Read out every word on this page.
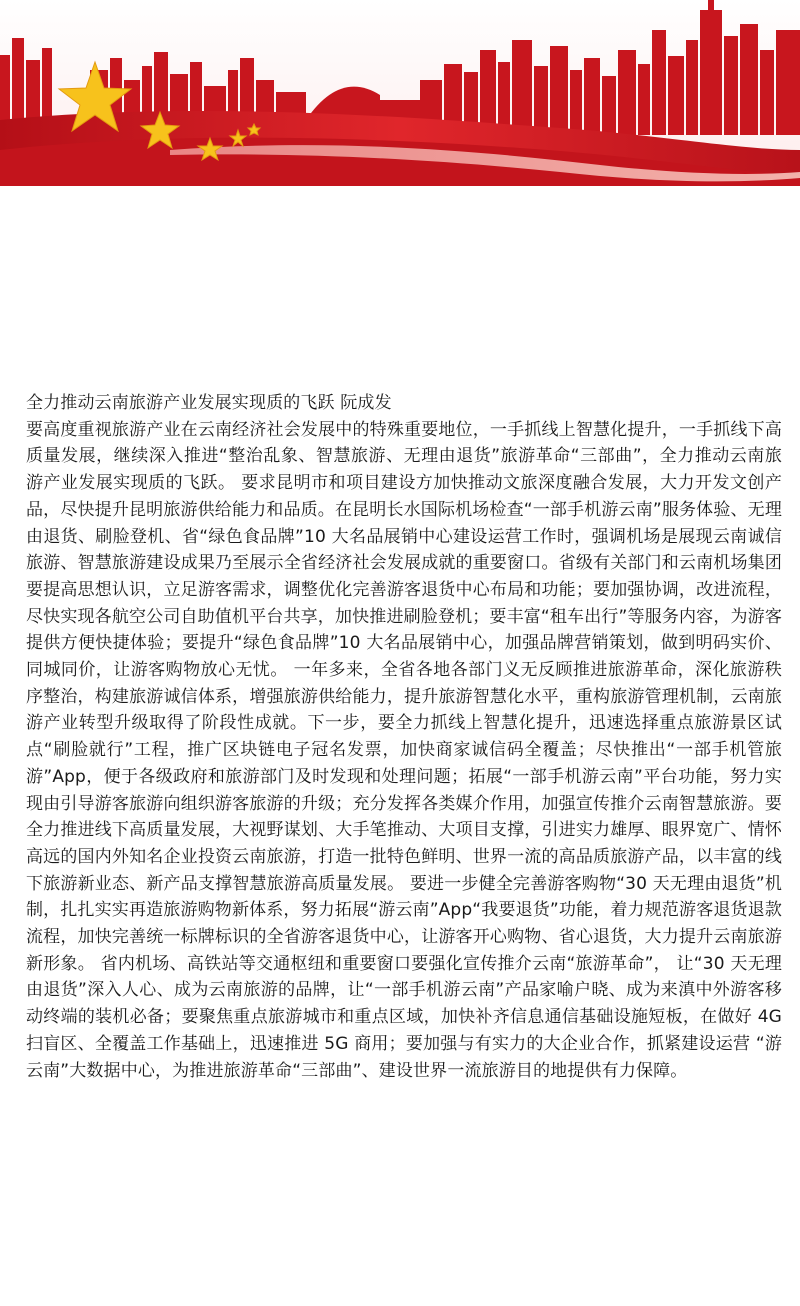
全力推动云南旅游产业发展实现质的飞跃 阮成发

要高度重视旅游产业在云南经济社会发展中的特殊重要地位，一手抓线上智慧化提升，一手抓线下高质量发展，继续深入推进“整治乱象、智慧旅游、无理由退货”旅游革命“三部曲”，全力推动云南旅游产业发展实现质的飞跃。 要求昆明市和项目建设方加快推动文旅深度融合发展，大力开发文创产品，尽快提升昆明旅游供给能力和品质。在昆明长水国际机场检查“一部手机游云南”服务体验、无理由退货、刷脸登机、省“绿色食品牌”10 大名品展销中心建设运营工作时，强调机场是展现云南诚信旅游、智慧旅游建设成果乃至展示全省经济社会发展成就的重要窗口。省级有关部门和云南机场集团要提高思想认识，立足游客需求，调整优化完善游客退货中心布局和功能；要加强协调，改进流程，尽快实现各航空公司自助值机平台共享，加快推进刷脸登机；要丰富“租车出行”等服务内容，为游客提供方便快捷体验；要提升“绿色食品牌”10 大名品展销中心，加强品牌营销策划，做到明码实价、同城同价，让游客购物放心无忧。 一年多来，全省各地各部门义无反顾推进旅游革命，深化旅游秩序整治，构建旅游诚信体系，增强旅游供给能力，提升旅游智慧化水平，重构旅游管理机制，云南旅游产业转型升级取得了阶段性成就。下一步，要全力抓线上智慧化提升，迅速选择重点旅游景区试点“刷脸就行”工程，推广区块链电子冠名发票，加快商家诚信码全覆盖；尽快推出“一部手机管旅游”App，便于各级政府和旅游部门及时发现和处理问题；拓展“一部手机游云南”平台功能，努力实现由引导游客旅游向组织游客旅游的升级；充分发挥各类媒介作用，加强宣传推介云南智慧旅游。要全力推进线下高质量发展，大视野谋划、大手笔推动、大项目支撑，引进实力雄厚、眼界宽广、情怀高远的国内外知名企业投资云南旅游，打造一批特色鲜明、世界一流的高品质旅游产品，以丰富的线下旅游新业态、新产品支撑智慧旅游高质量发展。 要进一步健全完善游客购物“30 天无理由退货”机制，扎扎实实再造旅游购物新体系，努力拓展“游云南”App“我要退货”功能，着力规范游客退货退款流程，加快完善统一标牌标识的全省游客退货中心，让游客开心购物、省心退货，大力提升云南旅游新形象。 省内机场、高铁站等交通枢纽和重要窗口要强化宣传推介云南“旅游革命”， 让“30 天无理由退货”深入人心、成为云南旅游的品牌，让“一部手机游云南”产品家喻户晓、成为来滇中外游客移动终端的装机必备；要聚焦重点旅游城市和重点区域，加快补齐信息通信基础设施短板，在做好 4G 扫盲区、全覆盖工作基础上，迅速推进 5G 商用；要加强与有实力的大企业合作，抓紧建设运营 “游云南”大数据中心，为推进旅游革命“三部曲”、建设世界一流旅游目的地提供有力保障。
